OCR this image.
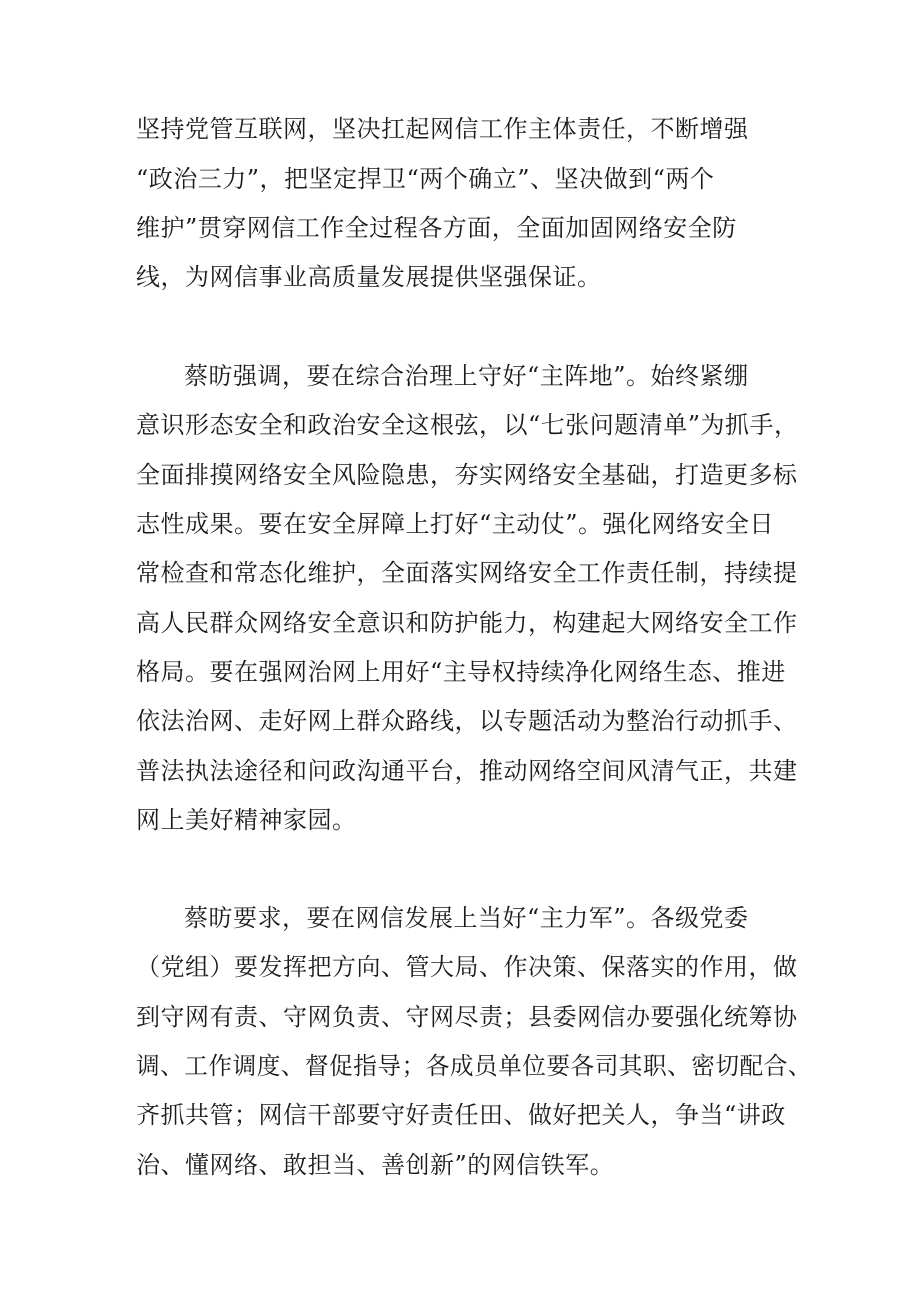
坚持党管互联网，坚决扛起网信工作主体责任，不断增强
“政治三力”，把坚定捍卫“两个确立”、坚决做到“两个
维护”贯穿网信工作全过程各方面，全面加固网络安全防
线，为网信事业高质量发展提供坚强保证。
蔡昉强调，要在综合治理上守好“主阵地”。始终紧绷
意识形态安全和政治安全这根弦，以“七张问题清单”为抓手，
全面排摸网络安全风险隐患，夯实网络安全基础，打造更多标
志性成果。要在安全屏障上打好“主动仗”。强化网络安全日
常检查和常态化维护，全面落实网络安全工作责任制，持续提
高人民群众网络安全意识和防护能力，构建起大网络安全工作
格局。要在强网治网上用好“主导权持续净化网络生态、推进
依法治网、走好网上群众路线，以专题活动为整治行动抓手、
普法执法途径和问政沟通平台，推动网络空间风清气正，共建
网上美好精神家园。
蔡昉要求，要在网信发展上当好“主力军”。各级党委
（党组）要发挥把方向、管大局、作决策、保落实的作用，做
到守网有责、守网负责、守网尽责；县委网信办要强化统筹协
调、工作调度、督促指导；各成员单位要各司其职、密切配合、
齐抓共管；网信干部要守好责任田、做好把关人，争当“讲政
治、懂网络、敢担当、善创新”的网信铁军。
